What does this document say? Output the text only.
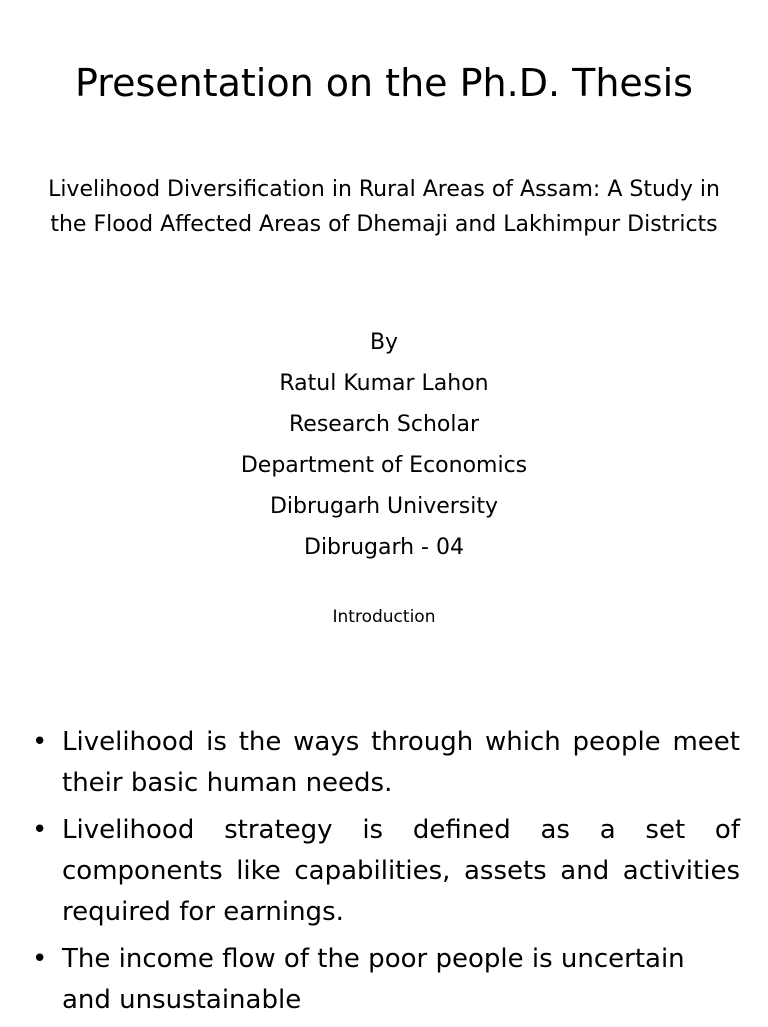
Presentation on the Ph.D. Thesis
Livelihood Diversification in Rural Areas of Assam: A Study in the Flood Affected Areas of Dhemaji and Lakhimpur Districts
By
Ratul Kumar Lahon
Research Scholar
Department of Economics
Dibrugarh University
Dibrugarh - 04
Introduction
• Livelihood is the ways through which people meet their basic human needs.
• Livelihood strategy is defined as a set of components like capabilities, assets and activities required for earnings.
• The income flow of the poor people is uncertain and unsustainable
